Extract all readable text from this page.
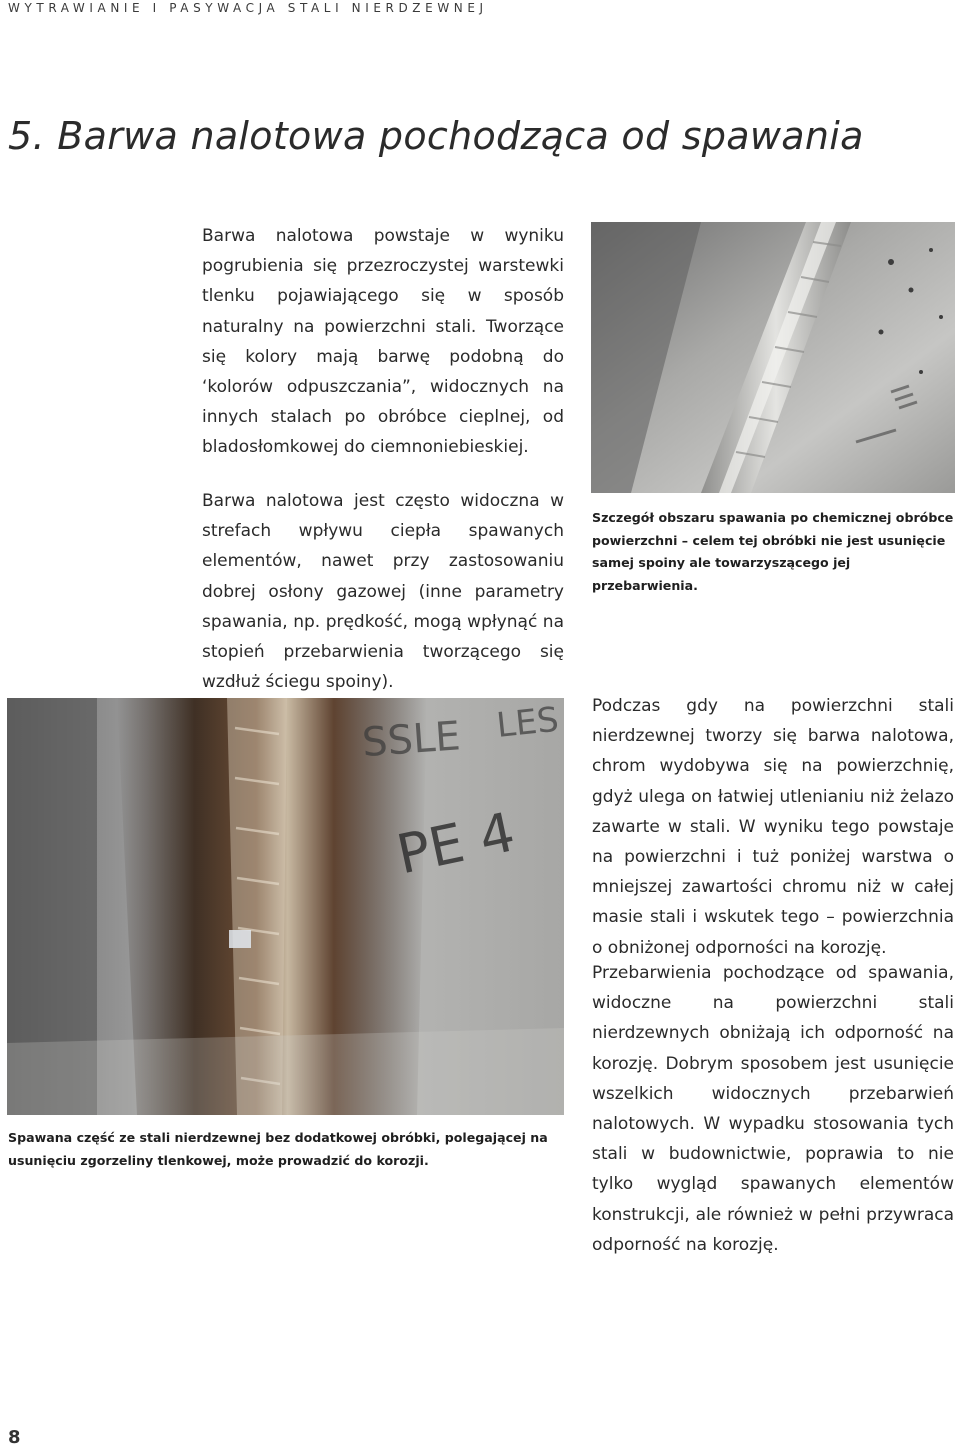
WYTRAWIANIE I PASYWACJA STALI NIERDZEWNEJ
5. Barwa nalotowa pochodząca od spawania

Barwa nalotowa powstaje w wyniku pogrubienia się przezroczystej warstewki tlenku pojawiającego się w sposób naturalny na powierzchni stali. Tworzące się kolory mają barwę podobną do ‘kolorów odpuszczania”, widocznych na innych stalach po obróbce cieplnej, od bladosłomkowej do ciemnoniebieskiej.

Barwa nalotowa jest często widoczna w strefach wpływu ciepła spawanych elementów, nawet przy zastosowaniu dobrej osłony gazowej (inne parametry spawania, np. prędkość, mogą wpłynąć na stopień przebarwienia tworzącego się wzdłuż ściegu spoiny).

Szczegół obszaru spawania po chemicznej obróbce powierzchni – celem tej obróbki nie jest usunięcie samej spoiny ale towarzyszącego jej przebarwienia.

PE 4
SSLE LES

Spawana część ze stali nierdzewnej bez dodatkowej obróbki, polegającej na usunięciu zgorzeliny tlenkowej, może prowadzić do korozji.

Podczas gdy na powierzchni stali nierdzewnej tworzy się barwa nalotowa, chrom wydobywa się na powierzchnię, gdyż ulega on łatwiej utlenianiu niż żelazo zawarte w stali. W wyniku tego powstaje na powierzchni i tuż poniżej warstwa o mniejszej zawartości chromu niż w całej masie stali i wskutek tego – powierzchnia o obniżonej odporności na korozję.

Przebarwienia pochodzące od spawania, widoczne na powierzchni stali nierdzewnych obniżają ich odporność na korozję. Dobrym sposobem jest usunięcie wszelkich widocznych przebarwień nalotowych. W wypadku stosowania tych stali w budownictwie, poprawia to nie tylko wygląd spawanych elementów konstrukcji, ale również w pełni przywraca odporność na korozję.

8
